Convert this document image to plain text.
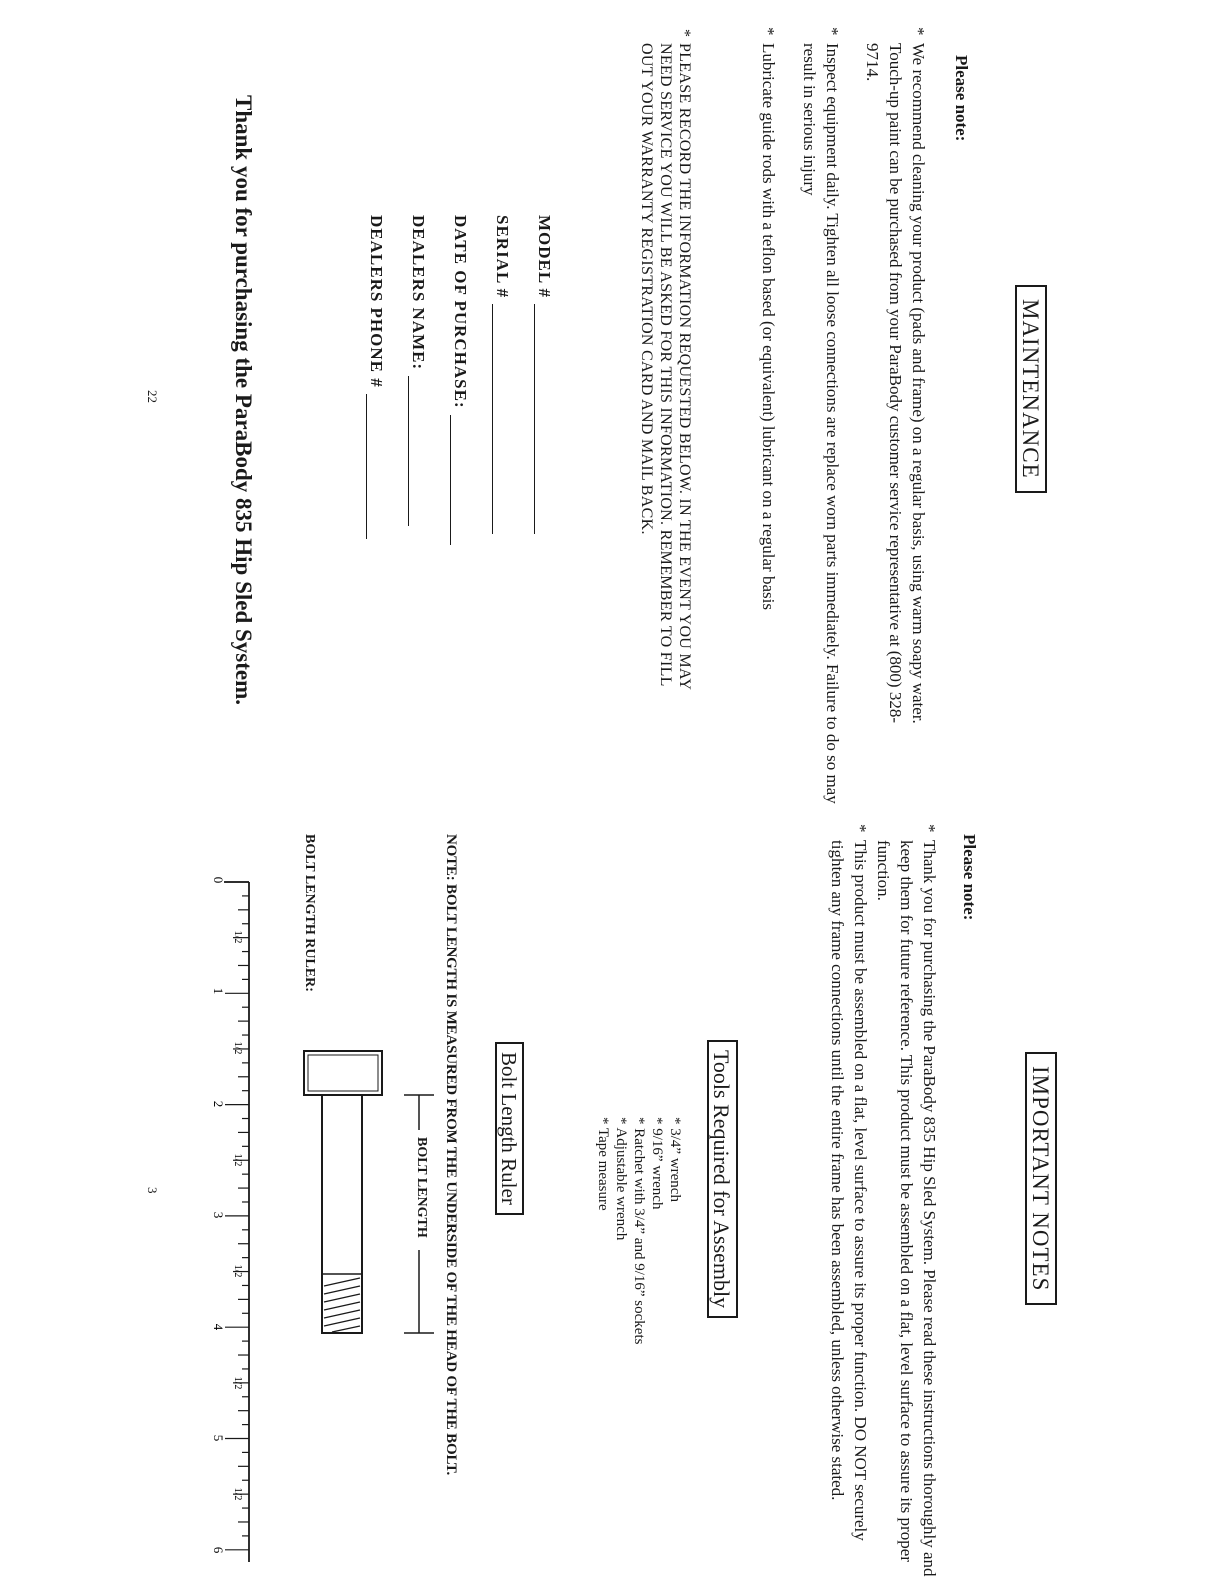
MAINTENANCE
Please note:
*
We recommend cleaning your product (pads and frame) on a regular basis, using warm soapy water. Touch-up paint can be purchased from your ParaBody customer service representative at (800) 328-9714.
*
Inspect equipment daily. Tighten all loose connections are replace worn parts immediately. Failure to do so may result in serious injury
*
Lubricate guide rods with a teflon based (or equivalent) lubricant on a regular basis
*
PLEASE RECORD THE INFORMATION REQUESTED BELOW. IN THE EVENT YOU MAY NEED SERVICE YOU WILL BE ASKED FOR THIS INFORMATION. REMEMBER TO FILL OUT YOUR WARRANTY REGISTRATION CARD AND MAIL BACK.
MODEL #
SERIAL #
DATE OF PURCHASE:
DEALERS NAME:
DEALERS PHONE #
Thank you for purchasing the ParaBody 835 Hip Sled System.
22
IMPORTANT NOTES
Please note:
*
Thank you for purchasing the ParaBody 835 Hip Sled System. Please read these instructions thoroughly and keep them for future reference. This product must be assembled on a flat, level surface to assure its proper function.
*
This product must be assembled on a flat, level surface to assure its proper function. DO NOT securely tighten any frame connections until the entire frame has been assembled, unless otherwise stated.
Tools Required for Assembly
* 3/4” wrench
* 9/16” wrench
* Ratchet with 3/4” and 9/16” sockets
* Adjustable wrench
* Tape measure
Bolt Length Ruler
NOTE: BOLT LENGTH IS MEASURED FROM THE UNDERSIDE OF THE HEAD OF THE BOLT.
BOLT LENGTH
BOLT LENGTH RULER:
0
1
2
3
4
5
6
1/2
1/2
1/2
1/2
1/2
1/2
3
